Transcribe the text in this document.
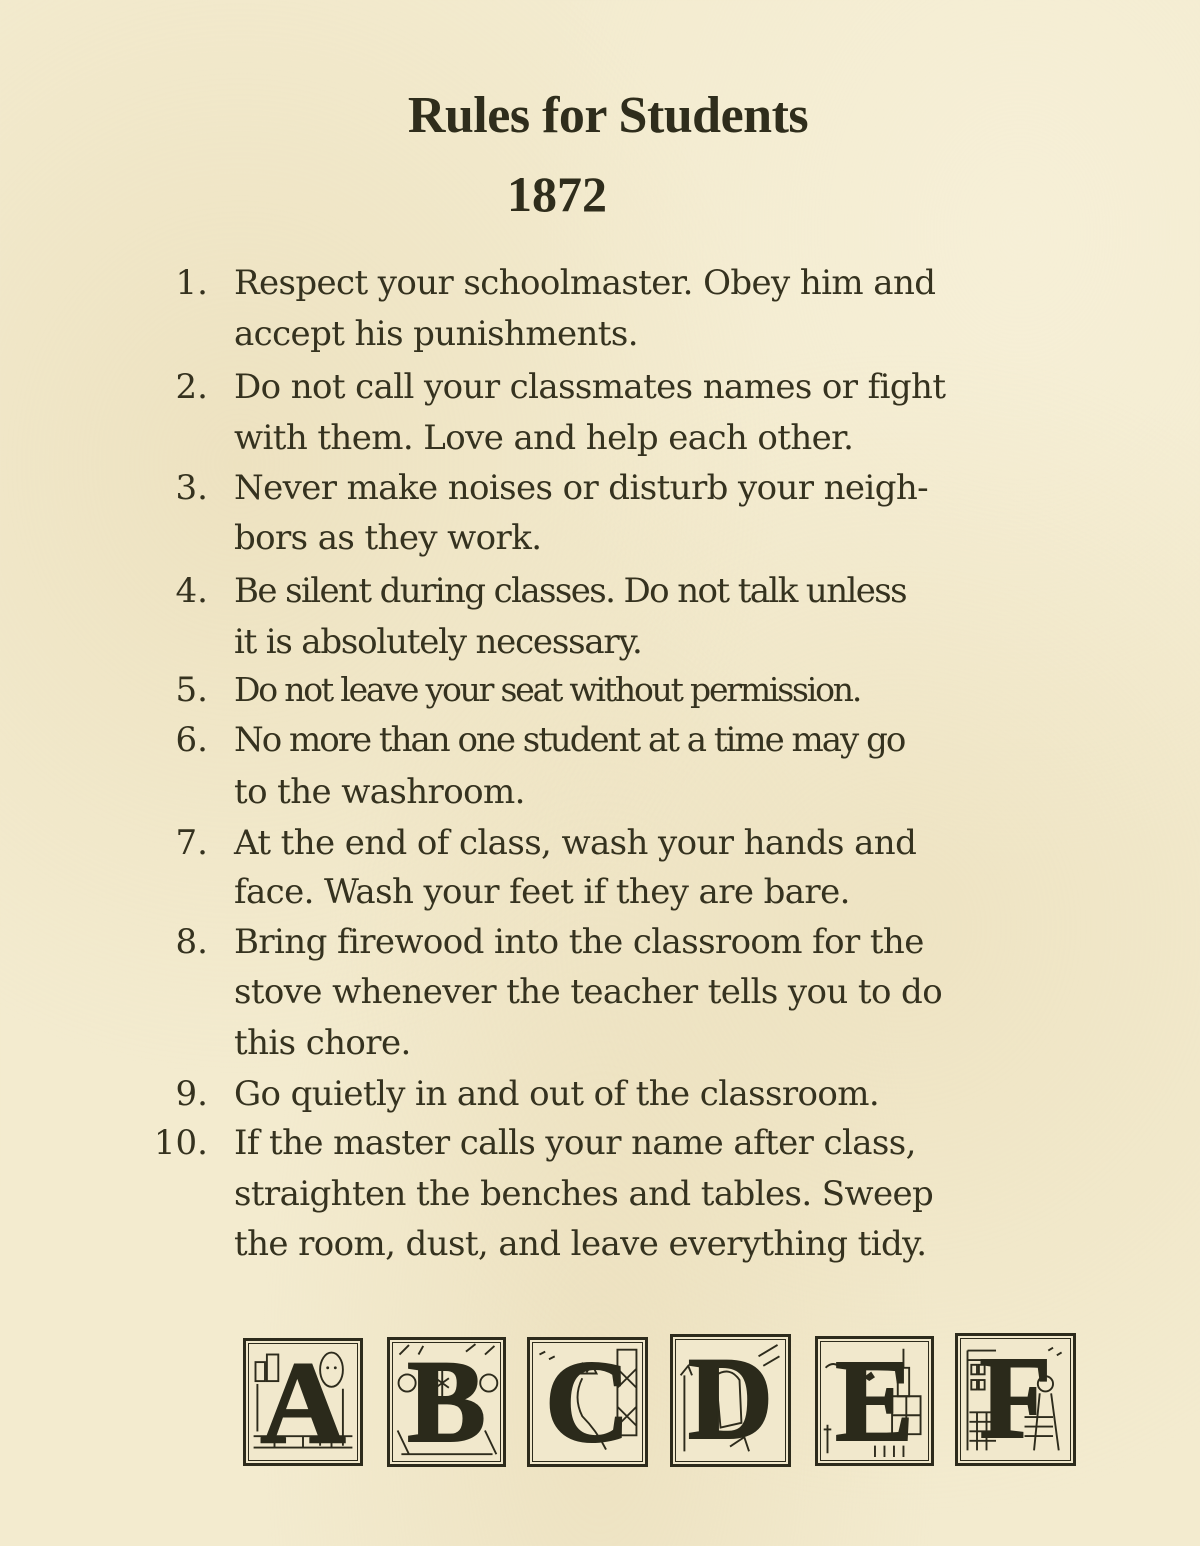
Rules for Students
1872
1. Respect your schoolmaster. Obey him and
accept his punishments.
2. Do not call your classmates names or fight
with them. Love and help each other.
3. Never make noises or disturb your neigh-
bors as they work.
4. Be silent during classes. Do not talk unless
it is absolutely necessary.
5. Do not leave your seat without permission.
6. No more than one student at a time may go
to the washroom.
7. At the end of class, wash your hands and
face. Wash your feet if they are bare.
8. Bring firewood into the classroom for the
stove whenever the teacher tells you to do
this chore.
9. Go quietly in and out of the classroom.
10. If the master calls your name after class,
straighten the benches and tables. Sweep
the room, dust, and leave everything tidy.
A B C D E F
